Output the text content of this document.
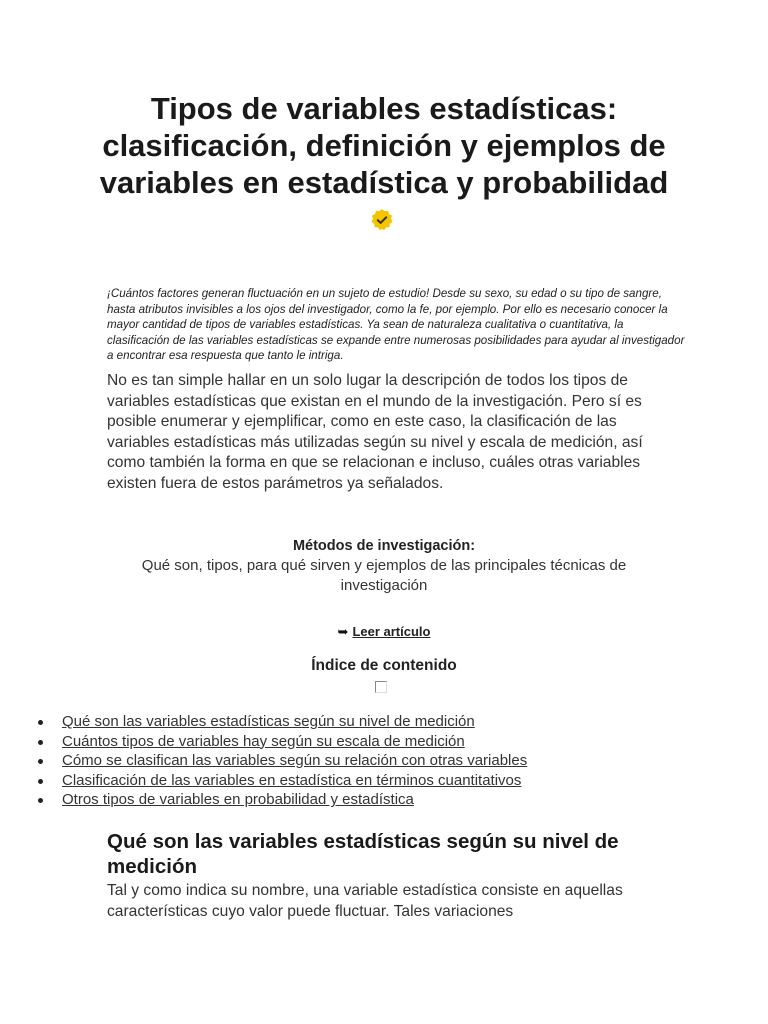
Tipos de variables estadísticas: clasificación, definición y ejemplos de variables en estadística y probabilidad

¡Cuántos factores generan fluctuación en un sujeto de estudio! Desde su sexo, su edad o su tipo de sangre, hasta atributos invisibles a los ojos del investigador, como la fe, por ejemplo. Por ello es necesario conocer la mayor cantidad de tipos de variables estadísticas. Ya sean de naturaleza cualitativa o cuantitativa, la clasificación de las variables estadísticas se expande entre numerosas posibilidades para ayudar al investigador a encontrar esa respuesta que tanto le intriga.

No es tan simple hallar en un solo lugar la descripción de todos los tipos de variables estadísticas que existan en el mundo de la investigación. Pero sí es posible enumerar y ejemplificar, como en este caso, la clasificación de las variables estadísticas más utilizadas según su nivel y escala de medición, así como también la forma en que se relacionan e incluso, cuáles otras variables existen fuera de estos parámetros ya señalados.

Métodos de investigación:

Qué son, tipos, para qué sirven y ejemplos de las principales técnicas de investigación

➥ Leer artículo

Índice de contenido

Qué son las variables estadísticas según su nivel de medición
Cuántos tipos de variables hay según su escala de medición
Cómo se clasifican las variables según su relación con otras variables
Clasificación de las variables en estadística en términos cuantitativos
Otros tipos de variables en probabilidad y estadística
Qué son las variables estadísticas según su nivel de medición

Tal y como indica su nombre, una variable estadística consiste en aquellas características cuyo valor puede fluctuar. Tales variaciones
